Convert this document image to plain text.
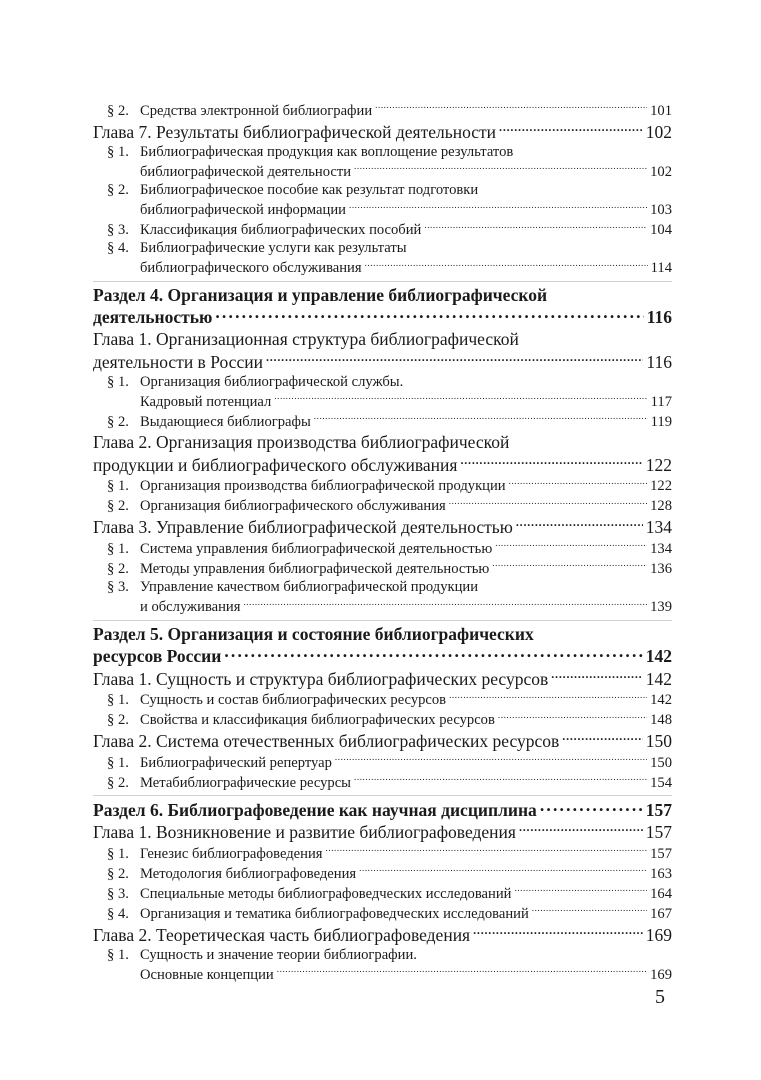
§ 2. Средства электронной библиографии .....	101
Глава 7. Результаты библиографической деятельности .....	102
§ 1. Библиографическая продукция как воплощение результатов
библиографической деятельности .....	102
§ 2. Библиографическое пособие как результат подготовки
библиографической информации .....	103
§ 3. Классификация библиографических пособий .....	104
§ 4. Библиографические услуги как результаты
библиографического обслуживания .....	114
Раздел 4. Организация и управление библиографической
деятельностью .....	116
Глава 1. Организационная структура библиографической
деятельности в России .....	116
§ 1. Организация библиографической службы.
Кадровый потенциал .....	117
§ 2. Выдающиеся библиографы .....	119
Глава 2. Организация производства библиографической
продукции и библиографического обслуживания .....	122
§ 1. Организация производства библиографической продукции .....	122
§ 2. Организация библиографического обслуживания .....	128
Глава 3. Управление библиографической деятельностью .....	134
§ 1. Система управления библиографической деятельностью .....	134
§ 2. Методы управления библиографической деятельностью .....	136
§ 3. Управление качеством библиографической продукции
и обслуживания .....	139
Раздел 5. Организация и состояние библиографических
ресурсов России .....	142
Глава 1. Сущность и структура библиографических ресурсов .....	142
§ 1. Сущность и состав библиографических ресурсов .....	142
§ 2. Свойства и классификация библиографических ресурсов .....	148
Глава 2. Система отечественных библиографических ресурсов .....	150
§ 1. Библиографический репертуар .....	150
§ 2. Метабиблиографические ресурсы .....	154
Раздел 6. Библиографоведение как научная дисциплина .....	157
Глава 1. Возникновение и развитие библиографоведения .....	157
§ 1. Генезис библиографоведения .....	157
§ 2. Методология библиографоведения .....	163
§ 3. Специальные методы библиографоведческих исследований .....	164
§ 4. Организация и тематика библиографоведческих исследований .....	167
Глава 2. Теоретическая часть библиографоведения .....	169
§ 1. Сущность и значение теории библиографии.
Основные концепции .....	169
5
